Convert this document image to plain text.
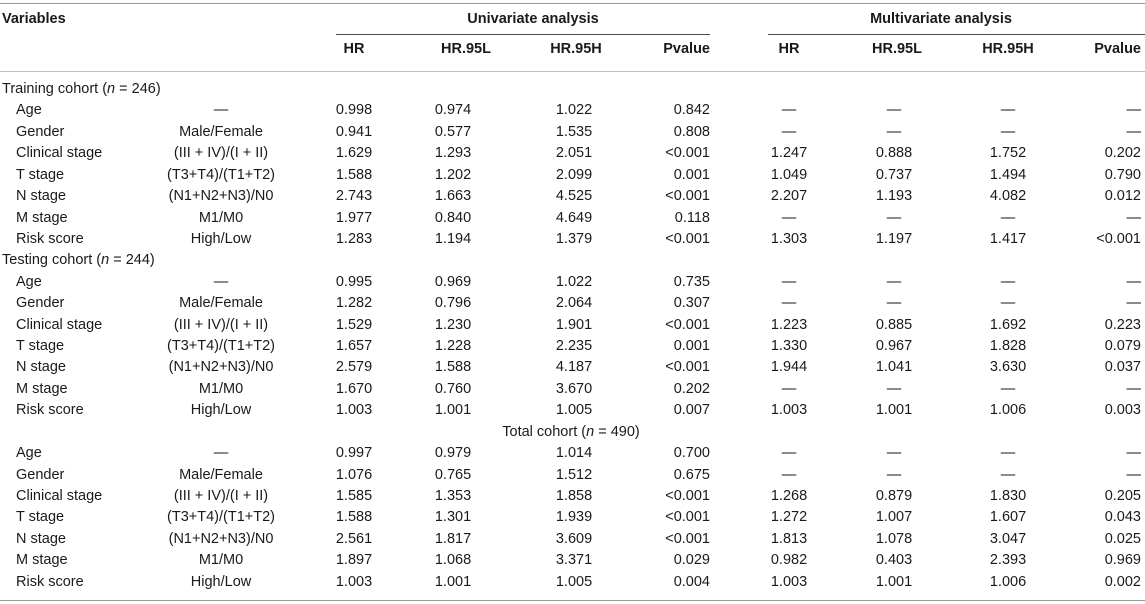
Variables	Univariate analysis	Multivariate analysis
HR	HR.95L	HR.95H	Pvalue	HR	HR.95L	HR.95H	Pvalue
Training cohort (n = 246)
Age	—	0.998	0.974	1.022	0.842	—	—	—	—
Gender	Male/Female	0.941	0.577	1.535	0.808	—	—	—	—
Clinical stage	(III + IV)/(I + II)	1.629	1.293	2.051	<0.001	1.247	0.888	1.752	0.202
T stage	(T3+T4)/(T1+T2)	1.588	1.202	2.099	0.001	1.049	0.737	1.494	0.790
N stage	(N1+N2+N3)/N0	2.743	1.663	4.525	<0.001	2.207	1.193	4.082	0.012
M stage	M1/M0	1.977	0.840	4.649	0.118	—	—	—	—
Risk score	High/Low	1.283	1.194	1.379	<0.001	1.303	1.197	1.417	<0.001
Testing cohort (n = 244)
Age	—	0.995	0.969	1.022	0.735	—	—	—	—
Gender	Male/Female	1.282	0.796	2.064	0.307	—	—	—	—
Clinical stage	(III + IV)/(I + II)	1.529	1.230	1.901	<0.001	1.223	0.885	1.692	0.223
T stage	(T3+T4)/(T1+T2)	1.657	1.228	2.235	0.001	1.330	0.967	1.828	0.079
N stage	(N1+N2+N3)/N0	2.579	1.588	4.187	<0.001	1.944	1.041	3.630	0.037
M stage	M1/M0	1.670	0.760	3.670	0.202	—	—	—	—
Risk score	High/Low	1.003	1.001	1.005	0.007	1.003	1.001	1.006	0.003
Total cohort (n = 490)
Age	—	0.997	0.979	1.014	0.700	—	—	—	—
Gender	Male/Female	1.076	0.765	1.512	0.675	—	—	—	—
Clinical stage	(III + IV)/(I + II)	1.585	1.353	1.858	<0.001	1.268	0.879	1.830	0.205
T stage	(T3+T4)/(T1+T2)	1.588	1.301	1.939	<0.001	1.272	1.007	1.607	0.043
N stage	(N1+N2+N3)/N0	2.561	1.817	3.609	<0.001	1.813	1.078	3.047	0.025
M stage	M1/M0	1.897	1.068	3.371	0.029	0.982	0.403	2.393	0.969
Risk score	High/Low	1.003	1.001	1.005	0.004	1.003	1.001	1.006	0.002
